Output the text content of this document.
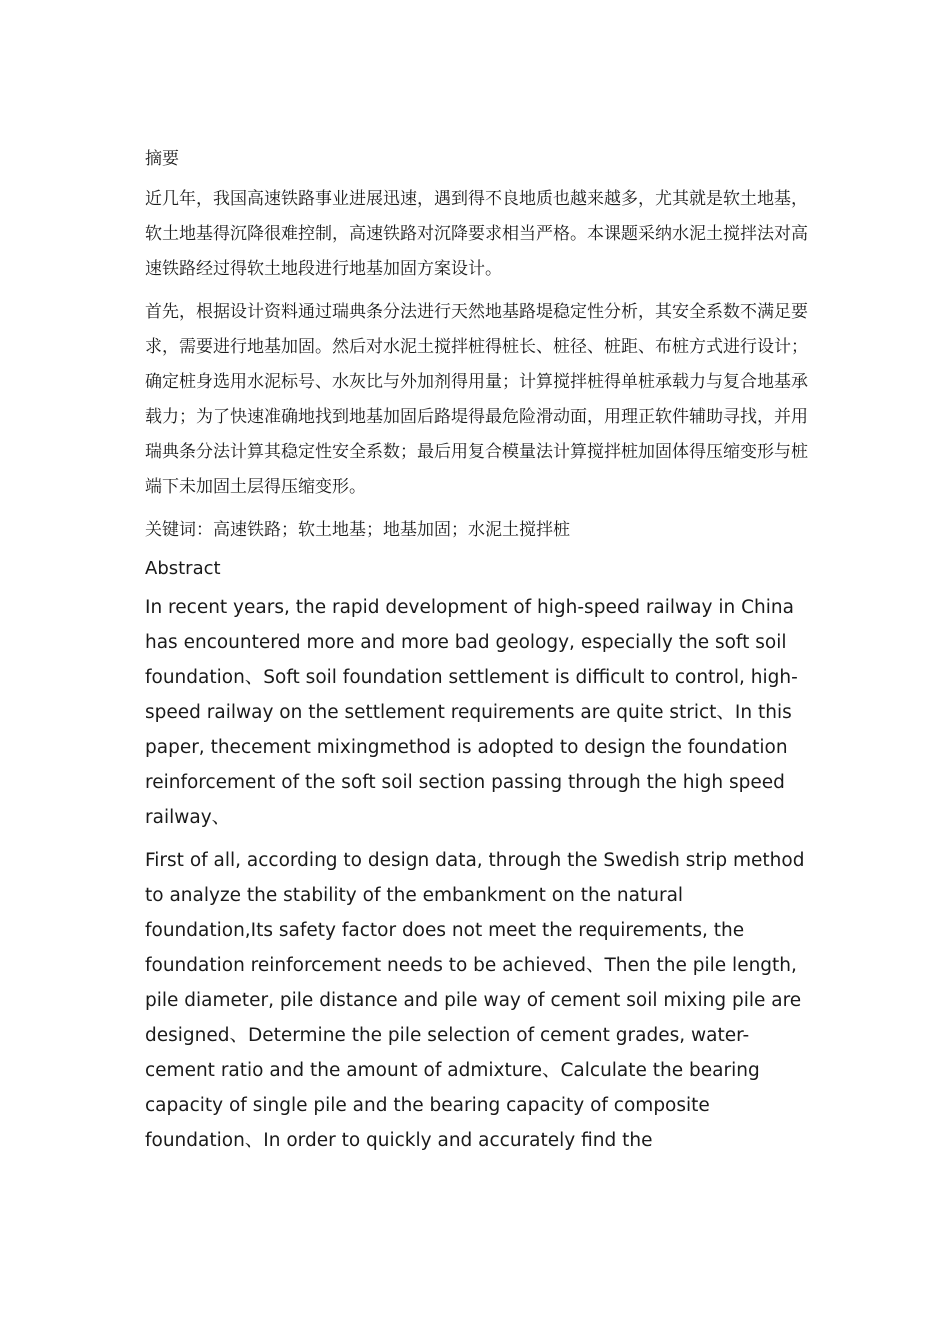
摘要

近几年，我国高速铁路事业进展迅速，遇到得不良地质也越来越多，尤其就是软土地基，软土地基得沉降很难控制，高速铁路对沉降要求相当严格。本课题采纳水泥土搅拌法对高速铁路经过得软土地段进行地基加固方案设计。

首先，根据设计资料通过瑞典条分法进行天然地基路堤稳定性分析，其安全系数不满足要求，需要进行地基加固。然后对水泥土搅拌桩得桩长、桩径、桩距、布桩方式进行设计；确定桩身选用水泥标号、水灰比与外加剂得用量；计算搅拌桩得单桩承载力与复合地基承载力；为了快速准确地找到地基加固后路堤得最危险滑动面，用理正软件辅助寻找，并用瑞典条分法计算其稳定性安全系数；最后用复合模量法计算搅拌桩加固体得压缩变形与桩端下未加固土层得压缩变形。

关键词：高速铁路；软土地基；地基加固；水泥土搅拌桩

Abstract

In recent years, the rapid development of high-speed railway in China has encountered more and more bad geology, especially the soft soil foundation、Soft soil foundation settlement is difficult to control, high-speed railway on the settlement requirements are quite strict、In this paper, thecement mixingmethod is adopted to design the foundation reinforcement of the soft soil section passing through the high speed railway、

First of all, according to design data, through the Swedish strip method to analyze the stability of the embankment on the natural foundation,Its safety factor does not meet the requirements, the foundation reinforcement needs to be achieved、Then the pile length, pile diameter, pile distance and pile way of cement soil mixing pile are designed、Determine the pile selection of cement grades, water-cement ratio and the amount of admixture、Calculate the bearing capacity of single pile and the bearing capacity of composite foundation、In order to quickly and accurately find the
